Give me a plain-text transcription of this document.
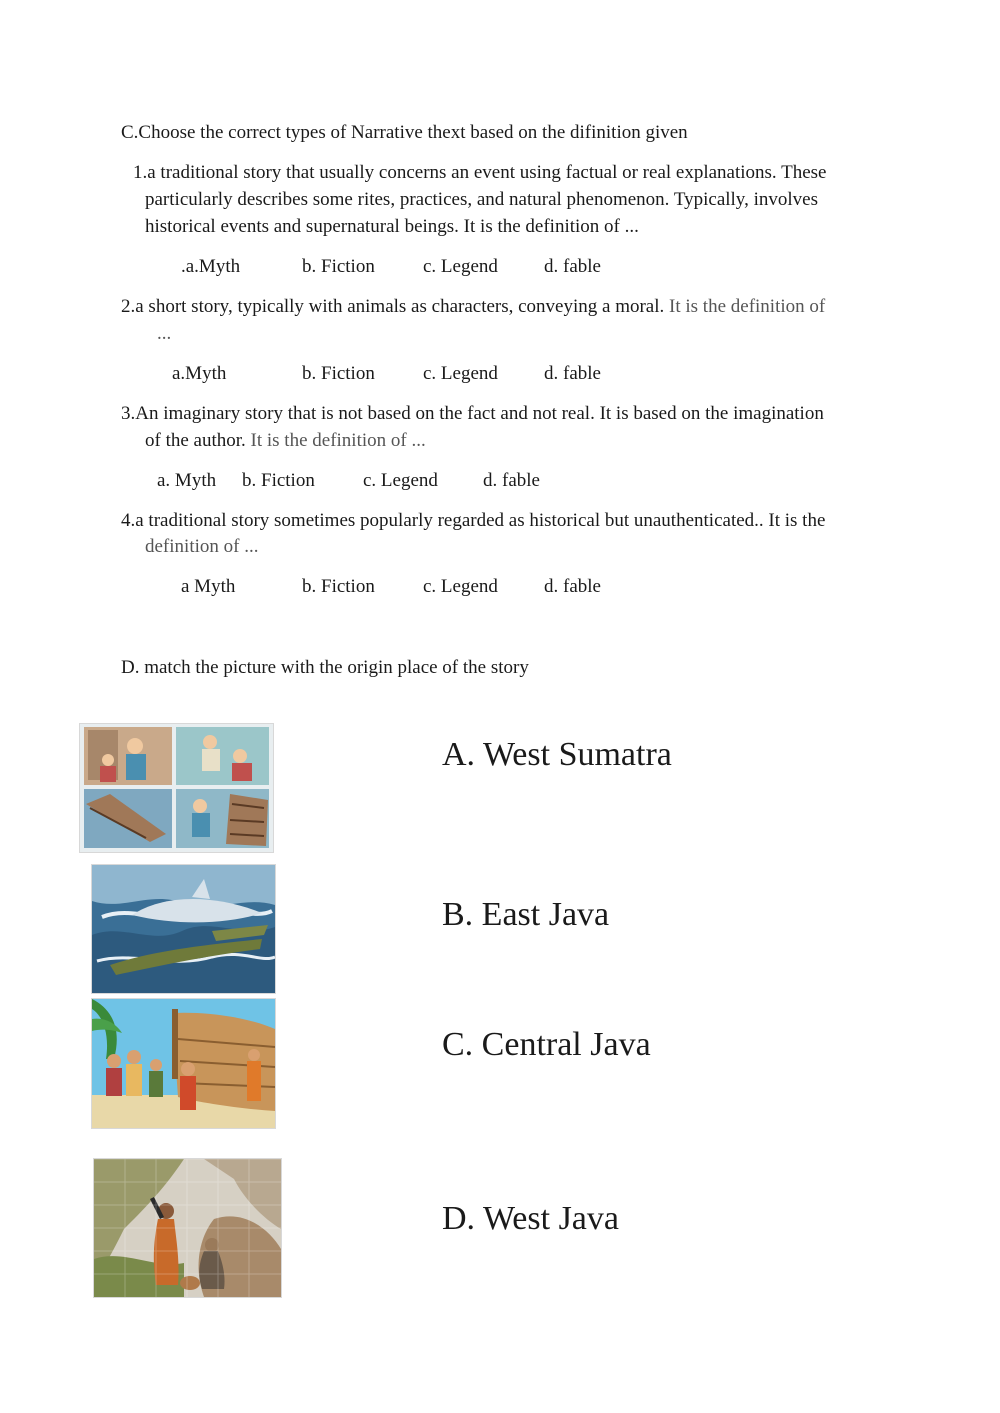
C.Choose the correct types of Narrative thext based on the difinition given
1.a traditional story that usually concerns an event using factual or real explanations. These
particularly describes some rites, practices, and natural phenomenon. Typically, involves
historical events and supernatural beings. It is the definition of ...
.a.Myth	b. Fiction	c. Legend d. fable
2.a short story, typically with animals as characters, conveying a moral. It is the definition of
...
a.Myth	b. Fiction	c. Legend d. fable
3.An imaginary story that is not based on the fact and not real. It is based on the imagination
of the author. It is the definition of ...
a. Myth b. Fiction	c. Legend d. fable
4.a traditional story sometimes popularly regarded as historical but unauthenticated.. It is the
definition of ...
a Myth	b. Fiction	c. Legend d. fable
D. match the picture with the origin place of the story
A. West Sumatra
B. East Java
C. Central Java
D. West Java
